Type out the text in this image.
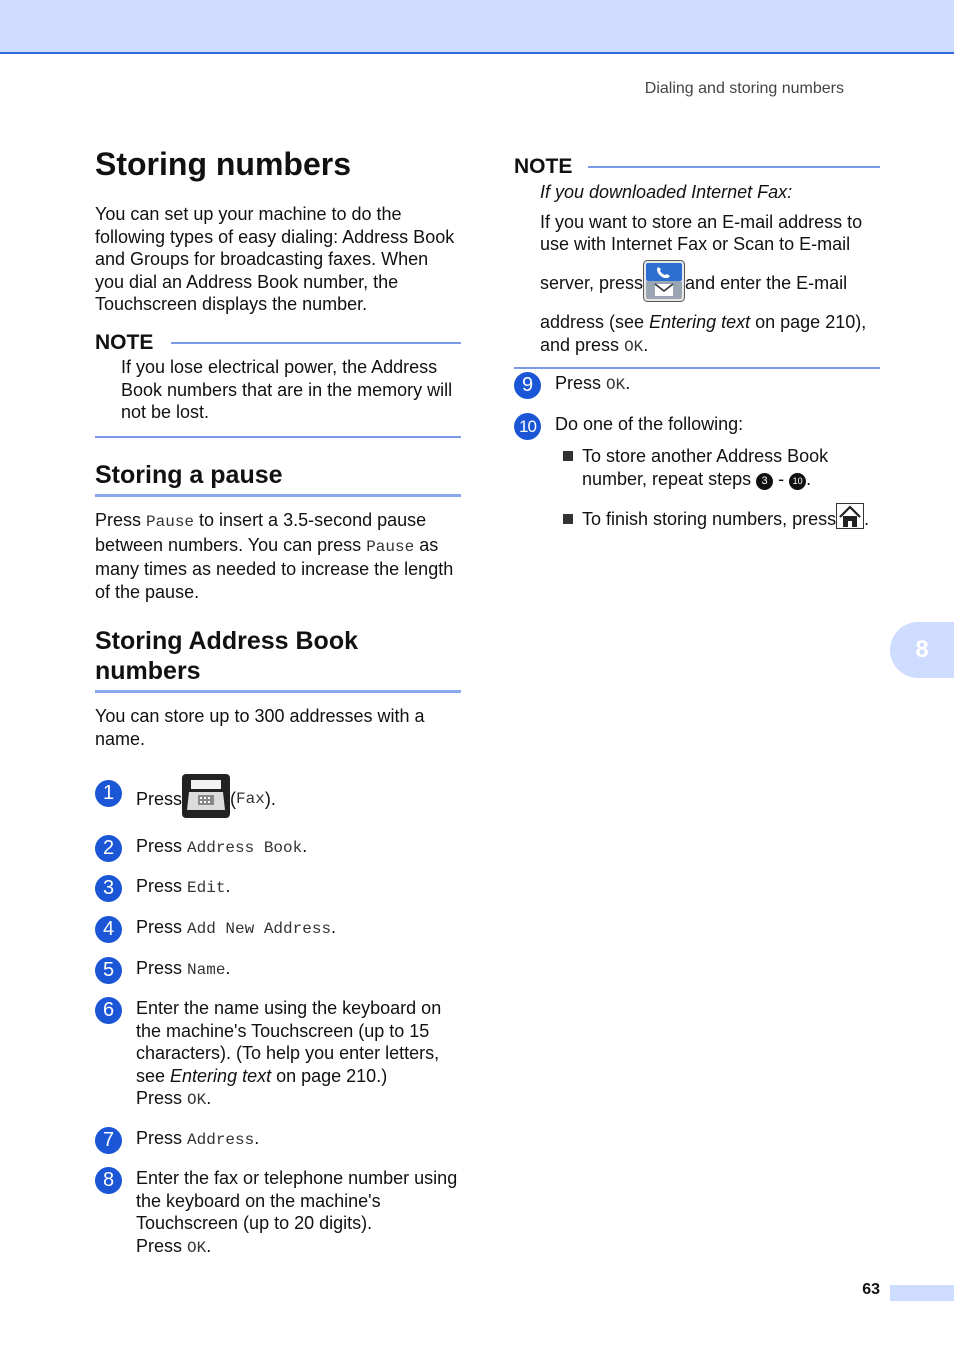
Dialing and storing numbers
Storing numbers

You can set up your machine to do the following types of easy dialing: Address Book and Groups for broadcasting faxes. When you dial an Address Book number, the Touchscreen displays the number.

NOTE

If you lose electrical power, the Address Book numbers that are in the memory will not be lost.

Storing a pause

Press Pause to insert a 3.5-second pause between numbers. You can press Pause as many times as needed to increase the length of the pause.

Storing Address Book
numbers

You can store up to 300 addresses with a name.

1	Press	( Fax ).
2	Press Address Book.
3	Press Edit.
4	Press Add New Address.
5	Press Name.
6	Enter the name using the keyboard on the machine's Touchscreen (up to 15 characters). (To help you enter letters, see Entering text on page 210.)
Press OK.
7	Press Address.
8	Enter the fax or telephone number using the keyboard on the machine's Touchscreen (up to 20 digits).
Press OK.
NOTE

If you downloaded Internet Fax:

If you want to store an E-mail address to use with Internet Fax or Scan to E-mail

server, press and enter the E-mail

address (see Entering text on page 210),
and press OK.

9	Press OK.
10 Do one of the following:
To store another Address Book number, repeat steps 3 - 10 .
To finish storing numbers, press .
8
63
